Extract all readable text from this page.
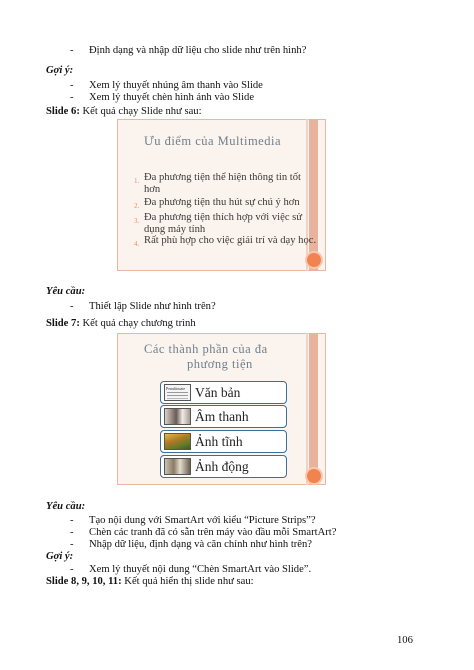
- Định dạng và nhập dữ liệu cho slide như trên hình?
Gợi ý:
- Xem lý thuyết nhúng âm thanh vào Slide
- Xem lý thuyết chèn hình ảnh vào Slide
Slide 6: Kết quả chạy Slide như sau:
Ưu điểm của Multimedia
1. Đa phương tiện thể hiện thông tin tốt
hơn
2. Đa phương tiện thu hút sự chú ý hơn
3. Đa phương tiện thích hợp với việc sử
dụng máy tính
4. Rất phù hợp cho việc giải trí và dạy học.
Yêu cầu:
- Thiết lập Slide như hình trên?
Slide 7: Kết quả chạy chương trình
Các thành phần của đa
phương tiện
Penultimate Văn bản
Âm thanh
Ảnh tĩnh
Ảnh động
Yêu cầu:
- Tạo nội dung với SmartArt với kiểu “Picture Strips”?
- Chèn các tranh đã có sẵn trên máy vào đầu mỗi SmartArt?
- Nhập dữ liệu, định dạng và căn chỉnh như hình trên?
Gợi ý:
- Xem lý thuyết nội dung “Chèn SmartArt vào Slide”.
Slide 8, 9, 10, 11: Kết quả hiển thị slide như sau:
106
